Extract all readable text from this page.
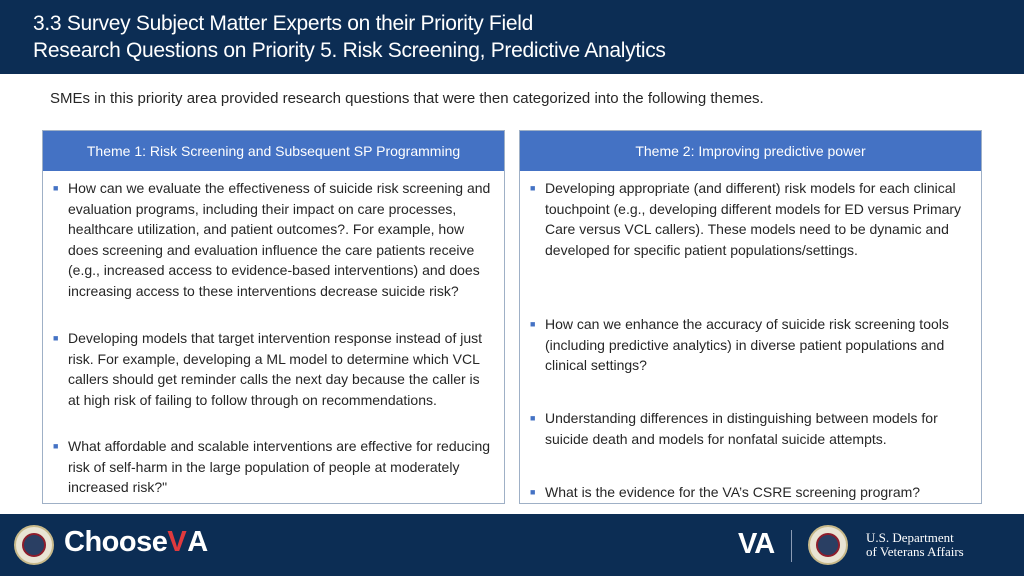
3.3 Survey Subject Matter Experts on their Priority Field
Research Questions on Priority 5. Risk Screening, Predictive Analytics
SMEs in this priority area provided research questions that were then categorized into the following themes.
Theme 1: Risk Screening and Subsequent SP Programming
■ How can we evaluate the effectiveness of suicide risk screening and evaluation programs, including their impact on care processes, healthcare utilization, and patient outcomes?. For example, how does screening and evaluation influence the care patients receive (e.g., increased access to evidence-based interventions) and does increasing access to these interventions decrease suicide risk?
■ Developing models that target intervention response instead of just risk. For example, developing a ML model to determine which VCL callers should get reminder calls the next day because the caller is at high risk of failing to follow through on recommendations.
■ What affordable and scalable interventions are effective for reducing risk of self-harm in the large population of people at moderately increased risk?"
Theme 2: Improving predictive power
■ Developing appropriate (and different) risk models for each clinical touchpoint (e.g., developing different models for ED versus Primary Care versus VCL callers). These models need to be dynamic and developed for specific patient populations/settings.
■ How can we enhance the accuracy of suicide risk screening tools (including predictive analytics) in diverse patient populations and clinical settings?
■ Understanding differences in distinguishing between models for suicide death and models for nonfatal suicide attempts.
■ What is the evidence for the VA’s CSRE screening program?
Choose V A	VA	U.S. Department
of Veterans Affairs
